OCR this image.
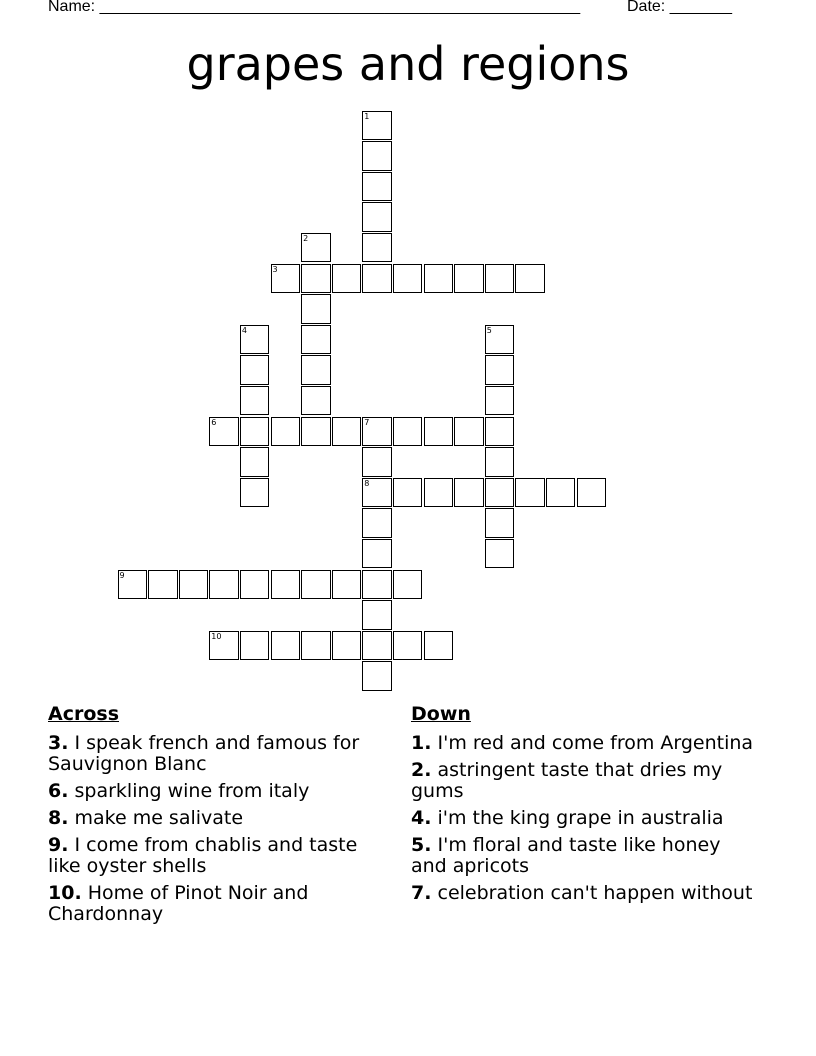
Name: ______________________________________________________	Date: _______
grapes and regions
1
2
3
4	5
6	7
8
9
10
Across
3. I speak french and famous for Sauvignon Blanc
6. sparkling wine from italy
8. make me salivate
9. I come from chablis and taste like oyster shells
10. Home of Pinot Noir and Chardonnay
Down
1. I'm red and come from Argentina
2. astringent taste that dries my gums
4. i'm the king grape in australia
5. I'm floral and taste like honey and apricots
7. celebration can't happen without
